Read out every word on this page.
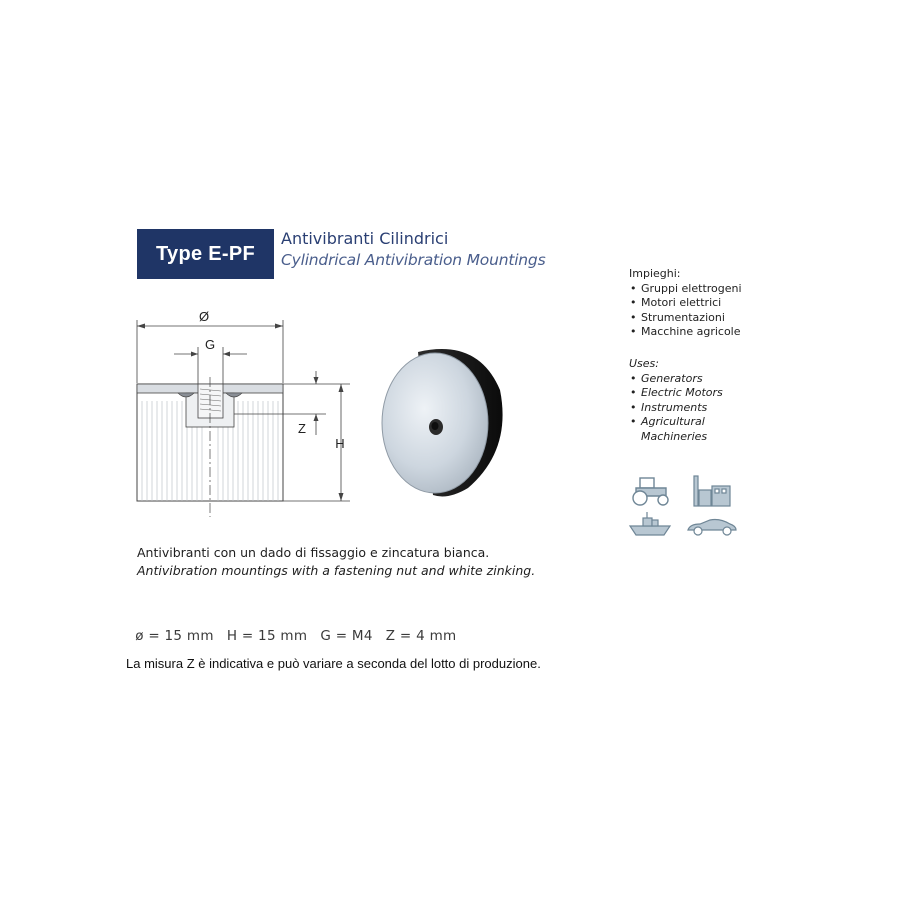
Type E-PF
Antivibranti Cilindrici
Cylindrical Antivibration Mountings
Ø
G
Z
H
Impieghi:
• Gruppi elettrogeni
• Motori elettrici
• Strumentazioni
• Macchine agricole
Uses:
• Generators
• Electric Motors
• Instruments
• Agricultural Machineries
Antivibranti con un dado di fissaggio e zincatura bianca.
Antivibration mountings with a fastening nut and white zinking.

ø = 15 mm H = 15 mm G = M4 Z = 4 mm

La misura Z è indicativa e può variare a seconda del lotto di produzione.
